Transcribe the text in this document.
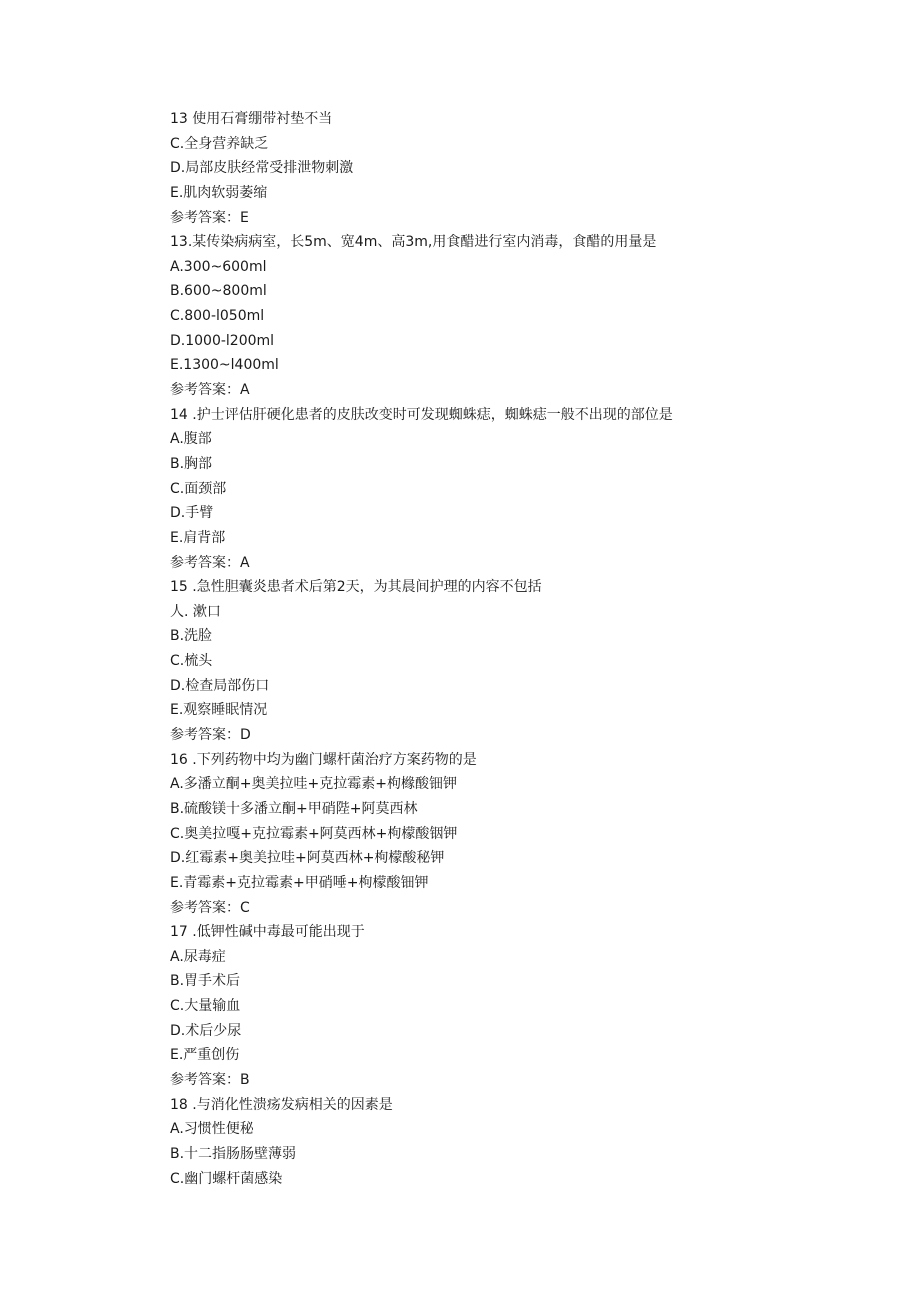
13 使用石膏绷带衬垫不当
C.全身营养缺乏
D.局部皮肤经常受排泄物刺激
E.肌肉软弱萎缩
参考答案：E
13.某传染病病室，长5m、宽4m、高3m,用食醋进行室内消毒，食醋的用量是
A.300~600ml
B.600~800ml
C.800-l050ml
D.1000-l200ml
E.1300~l400ml
参考答案：A
14 .护士评估肝硬化患者的皮肤改变时可发现蜘蛛痣，蜘蛛痣一般不出现的部位是
A.腹部
B.胸部
C.面颈部
D.手臂
E.肩背部
参考答案：A
15 .急性胆囊炎患者术后第2天，为其晨间护理的内容不包括
人. 漱口
B.洗脸
C.梳头
D.检查局部伤口
E.观察睡眠情况
参考答案：D
16 .下列药物中均为幽门螺杆菌治疗方案药物的是
A.多潘立酮+奥美拉哇+克拉霉素+枸橼酸钿钾
B.硫酸镁十多潘立酮+甲硝陛+阿莫西林
C.奥美拉嘎+克拉霉素+阿莫西林+枸檬酸铟钾
D.红霉素+奥美拉哇+阿莫西林+枸檬酸秘钾
E.青霉素+克拉霉素+甲硝唾+枸檬酸钿钾
参考答案：C
17 .低钾性碱中毒最可能出现于
A.尿毒症
B.胃手术后
C.大量输血
D.术后少尿
E.严重创伤
参考答案：B
18 .与消化性溃疡发病相关的因素是
A.习惯性便秘
B.十二指肠肠壁薄弱
C.幽门螺杆菌感染
